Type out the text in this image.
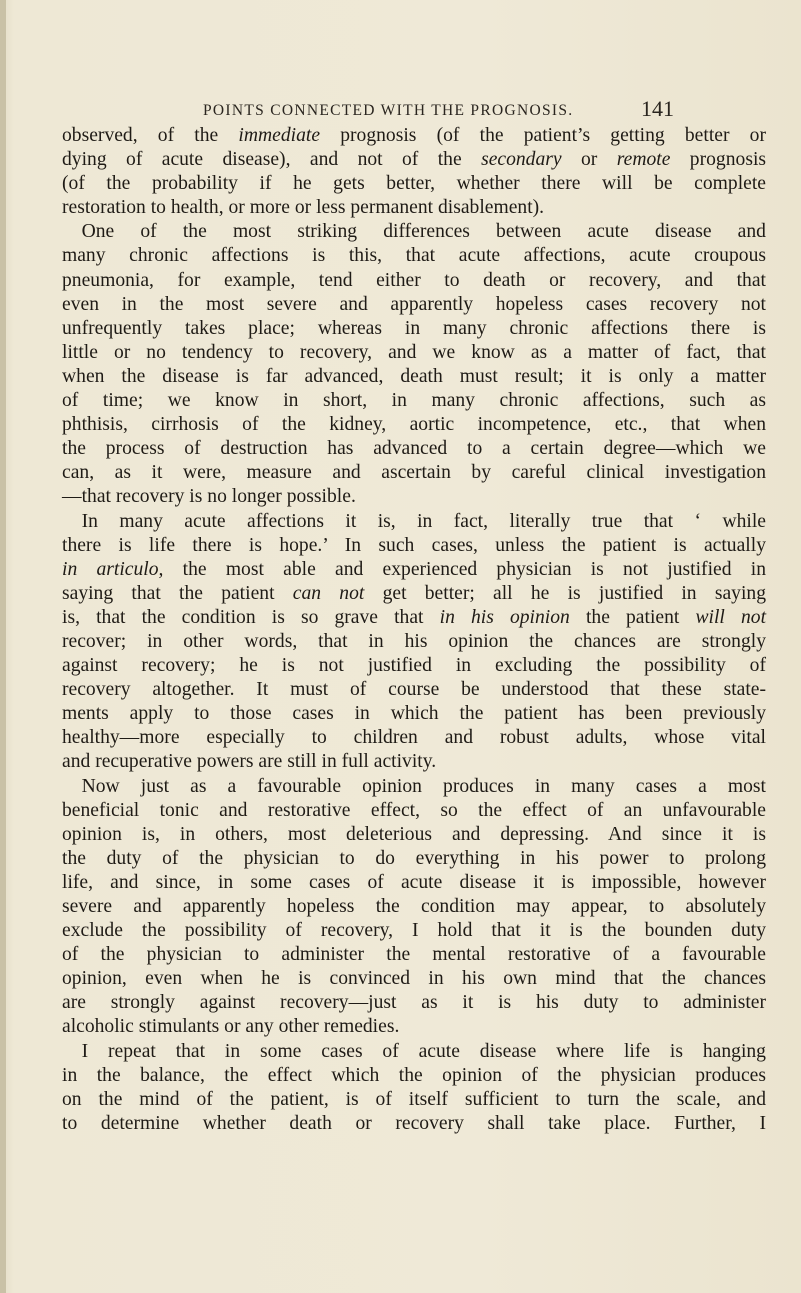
POINTS CONNECTED WITH THE PROGNOSIS.	141
observed, of the immediate prognosis (of the patient’s getting better or
dying of acute disease), and not of the secondary or remote prognosis
(of the probability if he gets better, whether there will be complete
restoration to health, or more or less permanent disablement).
One of the most striking differences between acute disease and
many chronic affections is this, that acute affections, acute croupous
pneumonia, for example, tend either to death or recovery, and that
even in the most severe and apparently hopeless cases recovery not
unfrequently takes place; whereas in many chronic affections there is
little or no tendency to recovery, and we know as a matter of fact, that
when the disease is far advanced, death must result; it is only a matter
of time; we know in short, in many chronic affections, such as
phthisis, cirrhosis of the kidney, aortic incompetence, etc., that when
the process of destruction has advanced to a certain degree—which we
can, as it were, measure and ascertain by careful clinical investigation
—that recovery is no longer possible.
In many acute affections it is, in fact, literally true that ‘ while
there is life there is hope.’ In such cases, unless the patient is actually
in articulo, the most able and experienced physician is not justified in
saying that the patient can not get better; all he is justified in saying
is, that the condition is so grave that in his opinion the patient will not
recover; in other words, that in his opinion the chances are strongly
against recovery; he is not justified in excluding the possibility of
recovery altogether. It must of course be understood that these state-
ments apply to those cases in which the patient has been previously
healthy—more especially to children and robust adults, whose vital
and recuperative powers are still in full activity.
Now just as a favourable opinion produces in many cases a most
beneficial tonic and restorative effect, so the effect of an unfavourable
opinion is, in others, most deleterious and depressing. And since it is
the duty of the physician to do everything in his power to prolong
life, and since, in some cases of acute disease it is impossible, however
severe and apparently hopeless the condition may appear, to absolutely
exclude the possibility of recovery, I hold that it is the bounden duty
of the physician to administer the mental restorative of a favourable
opinion, even when he is convinced in his own mind that the chances
are strongly against recovery—just as it is his duty to administer
alcoholic stimulants or any other remedies.
I repeat that in some cases of acute disease where life is hanging
in the balance, the effect which the opinion of the physician produces
on the mind of the patient, is of itself sufficient to turn the scale, and
to determine whether death or recovery shall take place. Further, I
